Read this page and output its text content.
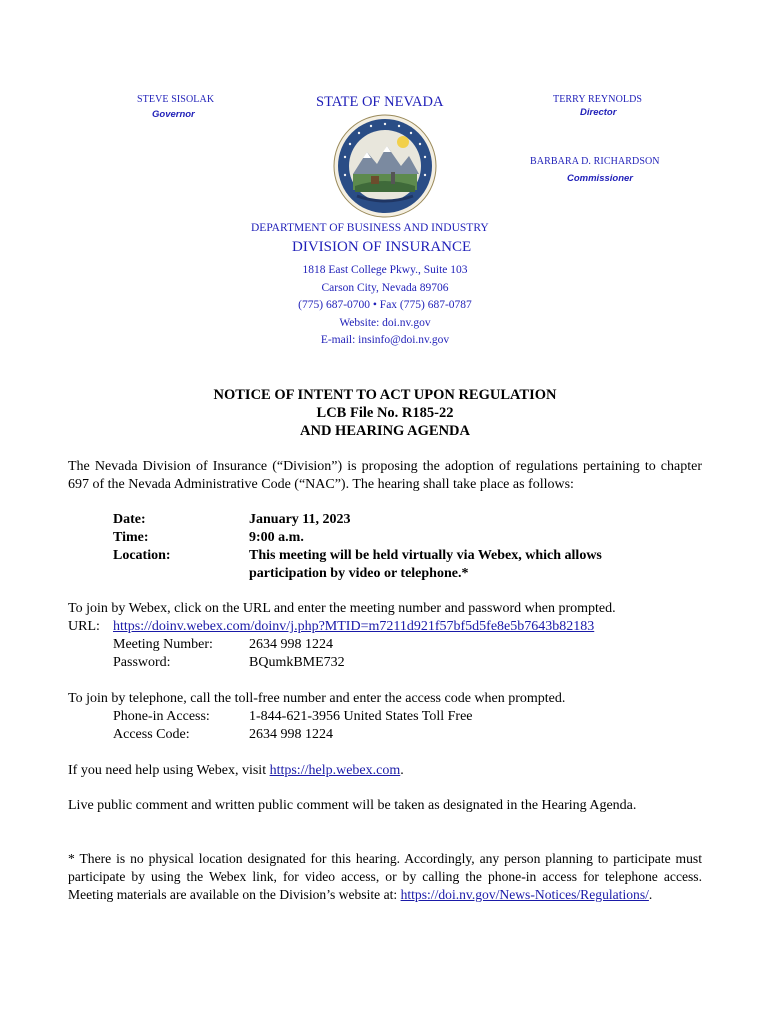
STEVE SISOLAK
Governor
STATE OF NEVADA	TERRY REYNOLDS
Director
BARBARA D. RICHARDSON
Commissioner
DEPARTMENT OF BUSINESS AND INDUSTRY
DIVISION OF INSURANCE
1818 East College Pkwy., Suite 103
Carson City, Nevada 89706
(775) 687-0700 • Fax (775) 687-0787
Website: doi.nv.gov
E-mail: insinfo@doi.nv.gov
NOTICE OF INTENT TO ACT UPON REGULATION
LCB File No. R185-22
AND HEARING AGENDA
The Nevada Division of Insurance (“Division”) is proposing the adoption of regulations pertaining to chapter 697 of the Nevada Administrative Code (“NAC”). The hearing shall take place as follows:
Date:	January 11, 2023
Time:	9:00 a.m.
Location:	This meeting will be held virtually via Webex, which allows
participation by video or telephone.*
To join by Webex, click on the URL and enter the meeting number and password when prompted.
URL: https://doinv.webex.com/doinv/j.php?MTID=m7211d921f57bf5d5fe8e5b7643b82183
Meeting Number:	2634 998 1224
Password:	BQumkBME732
To join by telephone, call the toll-free number and enter the access code when prompted.
Phone-in Access:	1-844-621-3956 United States Toll Free
Access Code:	2634 998 1224
If you need help using Webex, visit https://help.webex.com.
Live public comment and written public comment will be taken as designated in the Hearing Agenda.
* There is no physical location designated for this hearing. Accordingly, any person planning to participate must participate by using the Webex link, for video access, or by calling the phone-in access for telephone access. Meeting materials are available on the Division’s website at: https://doi.nv.gov/News-Notices/Regulations/.
